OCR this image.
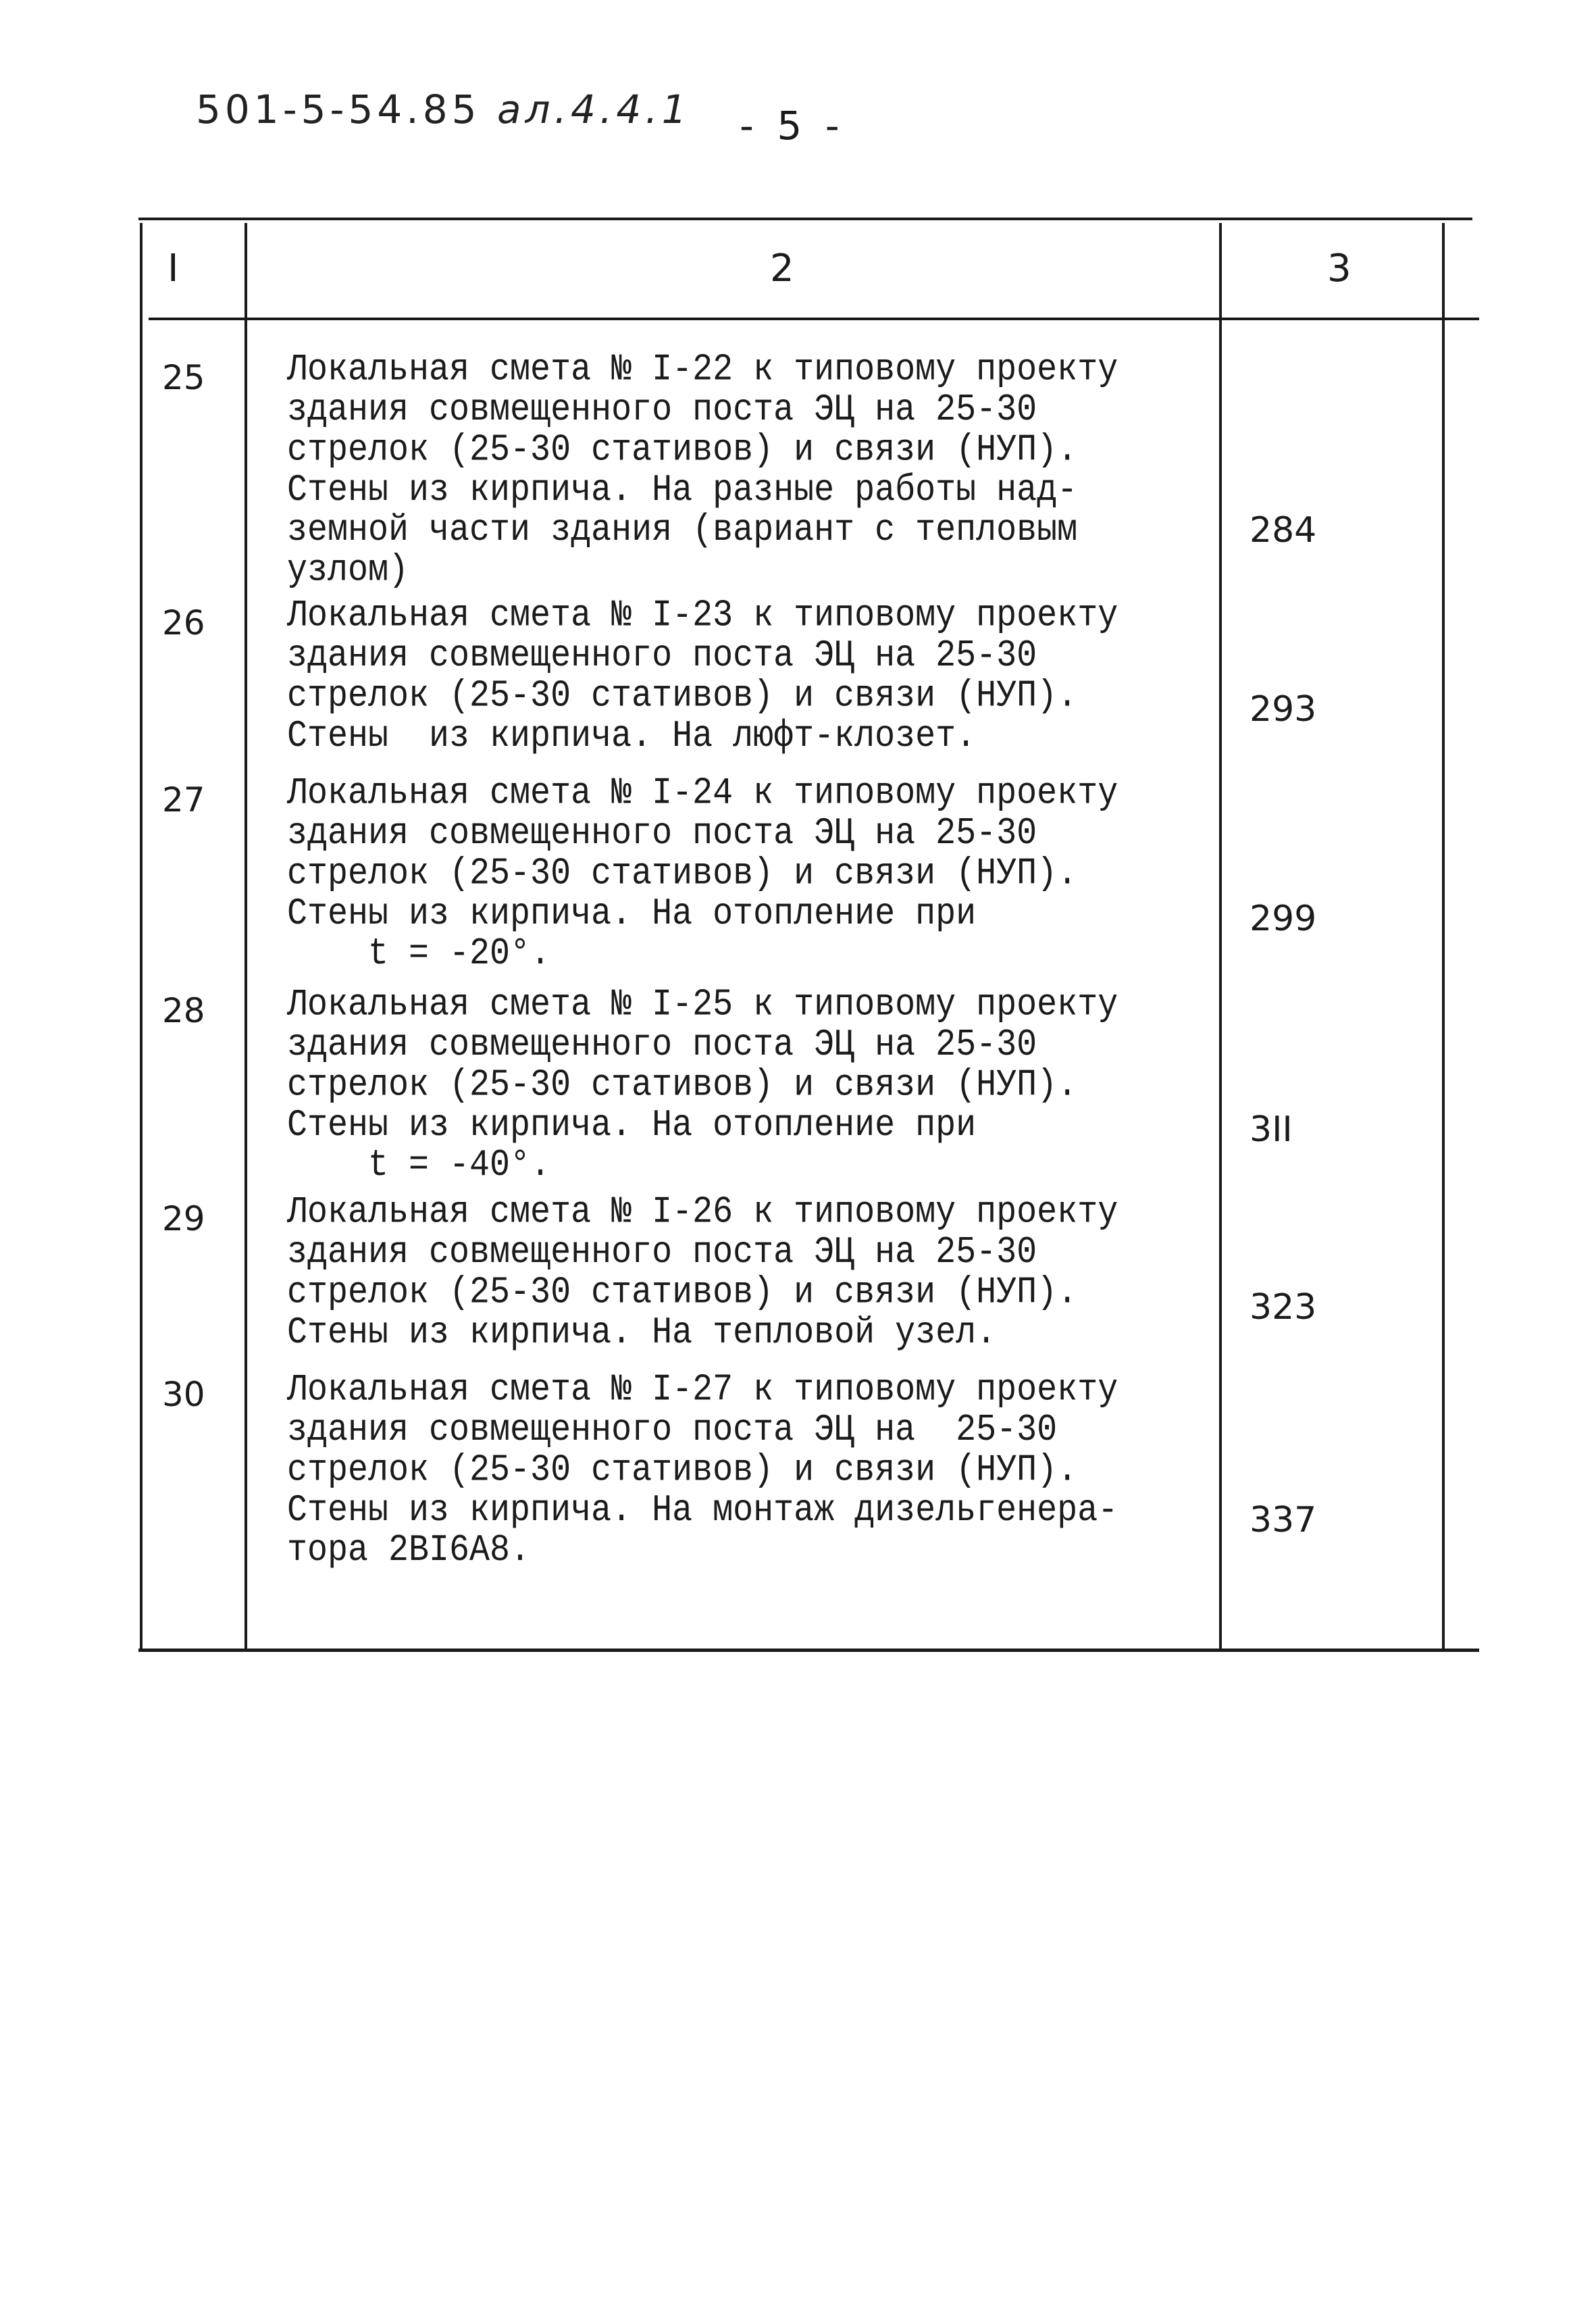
501-5-54.85 ал.4.4.1 - 5 -
I	2	3
25 Локальная смета № I-22 к типовому проекту
здания совмещенного поста ЭЦ на 25-30
стрелок (25-30 стативов) и связи (НУП).
Стены из кирпича. На разные работы над-
земной части здания (вариант с тепловым
узлом)
284
26 Локальная смета № I-23 к типовому проекту
здания совмещенного поста ЭЦ на 25-30
стрелок (25-30 стативов) и связи (НУП).
Стены  из кирпича. На люфт-клозет.
293
27 Локальная смета № I-24 к типовому проекту
здания совмещенного поста ЭЦ на 25-30
стрелок (25-30 стативов) и связи (НУП).
Стены из кирпича. На отопление при
t = -20°.
299
28 Локальная смета № I-25 к типовому проекту
здания совмещенного поста ЭЦ на 25-30
стрелок (25-30 стативов) и связи (НУП).
Стены из кирпича. На отопление при
t = -40°.
3II
29 Локальная смета № I-26 к типовому проекту
здания совмещенного поста ЭЦ на 25-30
стрелок (25-30 стативов) и связи (НУП).
Стены из кирпича. На тепловой узел.
323
30 Локальная смета № I-27 к типовому проекту
здания совмещенного поста ЭЦ на  25-30
стрелок (25-30 стативов) и связи (НУП).
Стены из кирпича. На монтаж дизельгенера-
тора 2ВI6А8.
337
